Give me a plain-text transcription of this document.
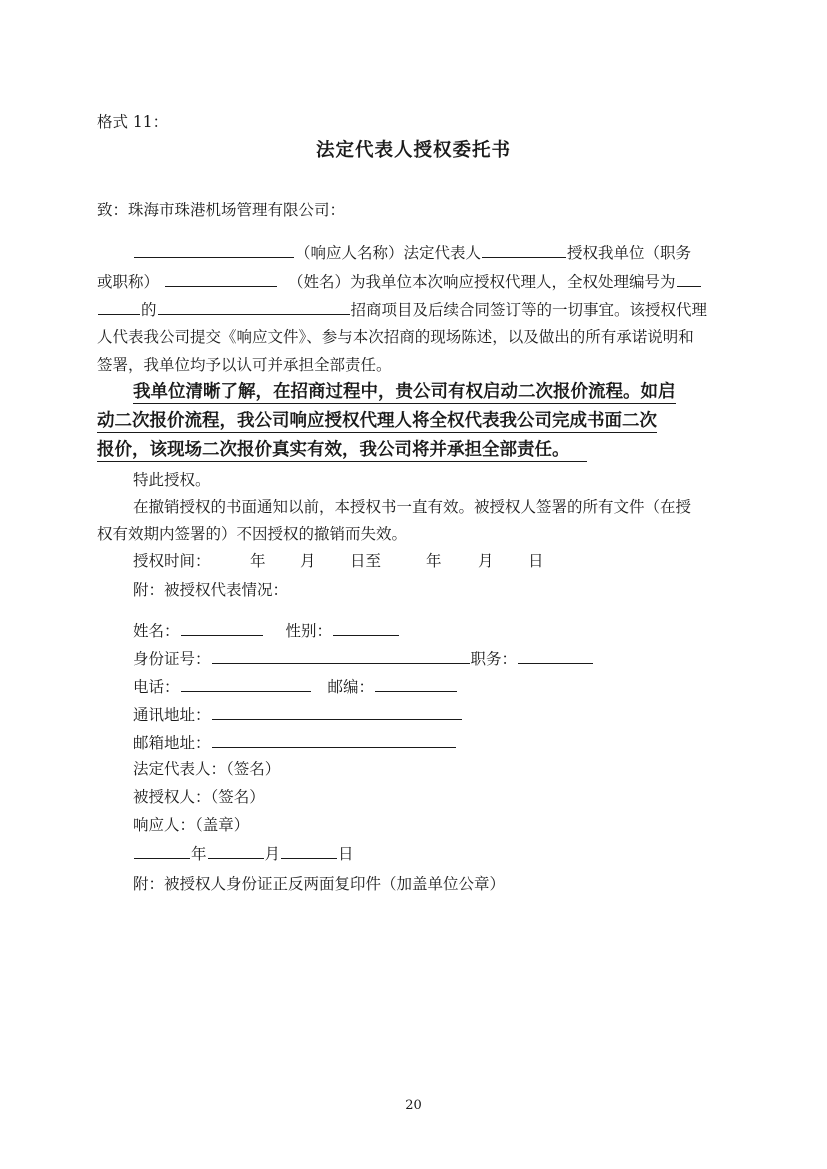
格式 11：
法定代表人授权委托书
致：珠海市珠港机场管理有限公司：
（响应人名称）法定代表人	授权我单位（职务
或职称）	（姓名）为我单位本次响应授权代理人，全权处理编号为
的	招商项目及后续合同签订等的一切事宜。该授权代理
人代表我公司提交《响应文件》、参与本次招商的现场陈述，以及做出的所有承诺说明和
签署，我单位均予以认可并承担全部责任。
我单位清晰了解，在招商过程中，贵公司有权启动二次报价流程。如启
动二次报价流程，我公司响应授权代理人将全权代表我公司完成书面二次
报价，该现场二次报价真实有效，我公司将并承担全部责任。 
特此授权。
在撤销授权的书面通知以前，本授权书一直有效。被授权人签署的所有文件（在授
权有效期内签署的）不因授权的撤销而失效。
授权时间：	年 月 日至	年 月 日
附：被授权代表情况：
姓名：	性别：
身份证号：	职务：
电话：	邮编：
通讯地址：
邮箱地址：
法定代表人：（签名）
被授权人：（签名）
响应人：（盖章）
年	月	日
附：被授权人身份证正反两面复印件（加盖单位公章）
20
